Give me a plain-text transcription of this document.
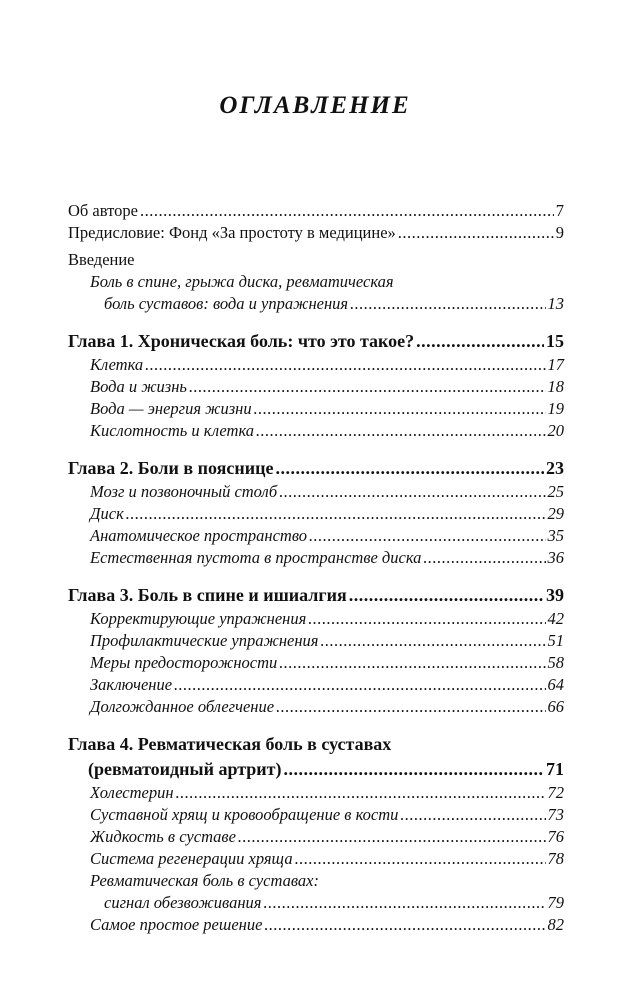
ОГЛАВЛЕНИЕ
Об авторе .....	7
Предисловие: Фонд «За простоту в медицине» .....	9
Введение
Боль в спине, грыжа диска, ревматическая
боль суставов: вода и упражнения .....	13
Глава 1. Хроническая боль: что это такое? .....	15
Клетка .....	17
Вода и жизнь .....	18
Вода — энергия жизни .....	19
Кислотность и клетка .....	20
Глава 2. Боли в пояснице .....	23
Мозг и позвоночный столб .....	25
Диск .....	29
Анатомическое пространство .....	35
Естественная пустота в пространстве диска .....	36
Глава 3. Боль в спине и ишиалгия .....	39
Корректирующие упражнения .....	42
Профилактические упражнения .....	51
Меры предосторожности .....	58
Заключение .....	64
Долгожданное облегчение .....	66
Глава 4. Ревматическая боль в суставах
(ревматоидный артрит) .....	71
Холестерин .....	72
Суставной хрящ и кровообращение в кости .....	73
Жидкость в суставе .....	76
Система регенерации хряща .....	78
Ревматическая боль в суставах:
сигнал обезвоживания .....	79
Самое простое решение .....	82
